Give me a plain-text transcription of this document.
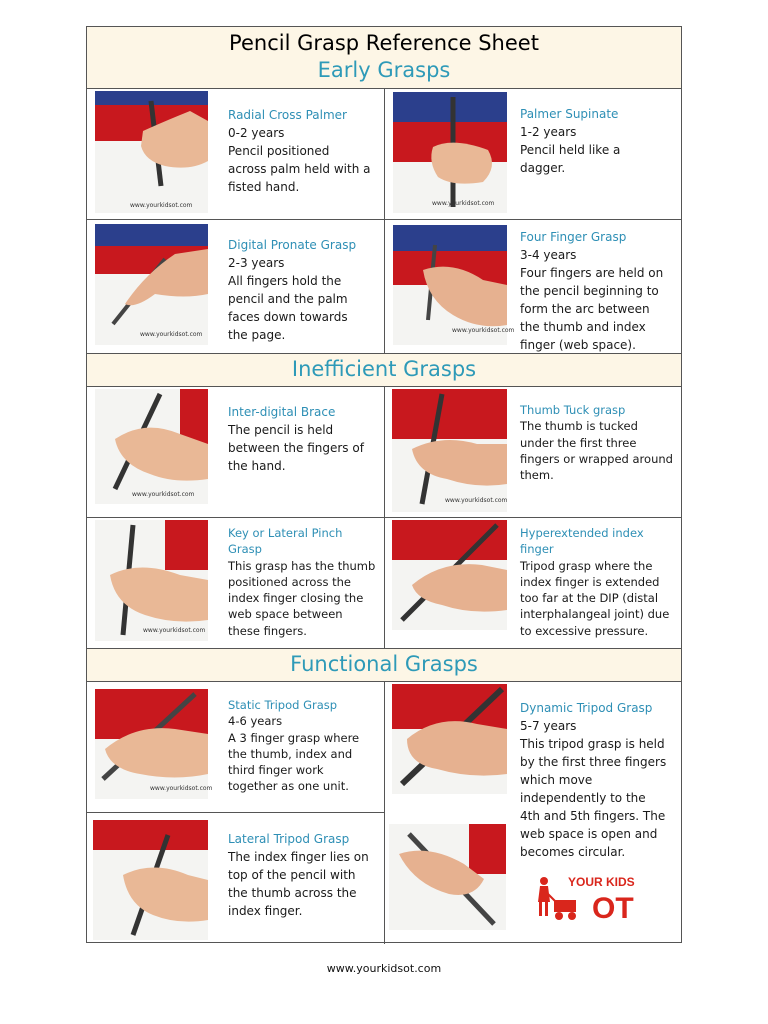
Pencil Grasp Reference Sheet
Early Grasps
Inefficient Grasps
Functional Grasps
www.yourkidsot.com	www.yourkidsot.com
www.yourkidsot.com
www.yourkidsot.com
www.yourkidsot.com
www.yourkidsot.com
www.yourkidsot.com
www.yourkidsot.com
Radial Cross Palmer
0-2 years
Pencil positioned
across palm held with a
fisted hand.
Palmer Supinate
1-2 years
Pencil held like a
dagger.
Digital Pronate Grasp
2-3 years
All fingers hold the
pencil and the palm
faces down towards
the page.
Four Finger Grasp
3-4 years
Four fingers are held on
the pencil beginning to
form the arc between
the thumb and index
finger (web space).
Inter-digital Brace
The pencil is held
between the fingers of
the hand.
Thumb Tuck grasp
The thumb is tucked
under the first three
fingers or wrapped around
them.
Key or Lateral Pinch
Grasp
This grasp has the thumb
positioned across the
index finger closing the
web space between
these fingers.
Hyperextended index
finger
Tripod grasp where the
index finger is extended
too far at the DIP (distal
interphalangeal joint) due
to excessive pressure.
Static Tripod Grasp
4-6 years
A 3 finger grasp where
the thumb, index and
third finger work
together as one unit.
Dynamic Tripod Grasp
5-7 years
This tripod grasp is held
by the first three fingers
which move
independently to the
4th and 5th fingers. The
web space is open and
becomes circular.
Lateral Tripod Grasp
The index finger lies on
top of the pencil with
the thumb across the
index finger.
YOUR KIDS
OT
www.yourkidsot.com
